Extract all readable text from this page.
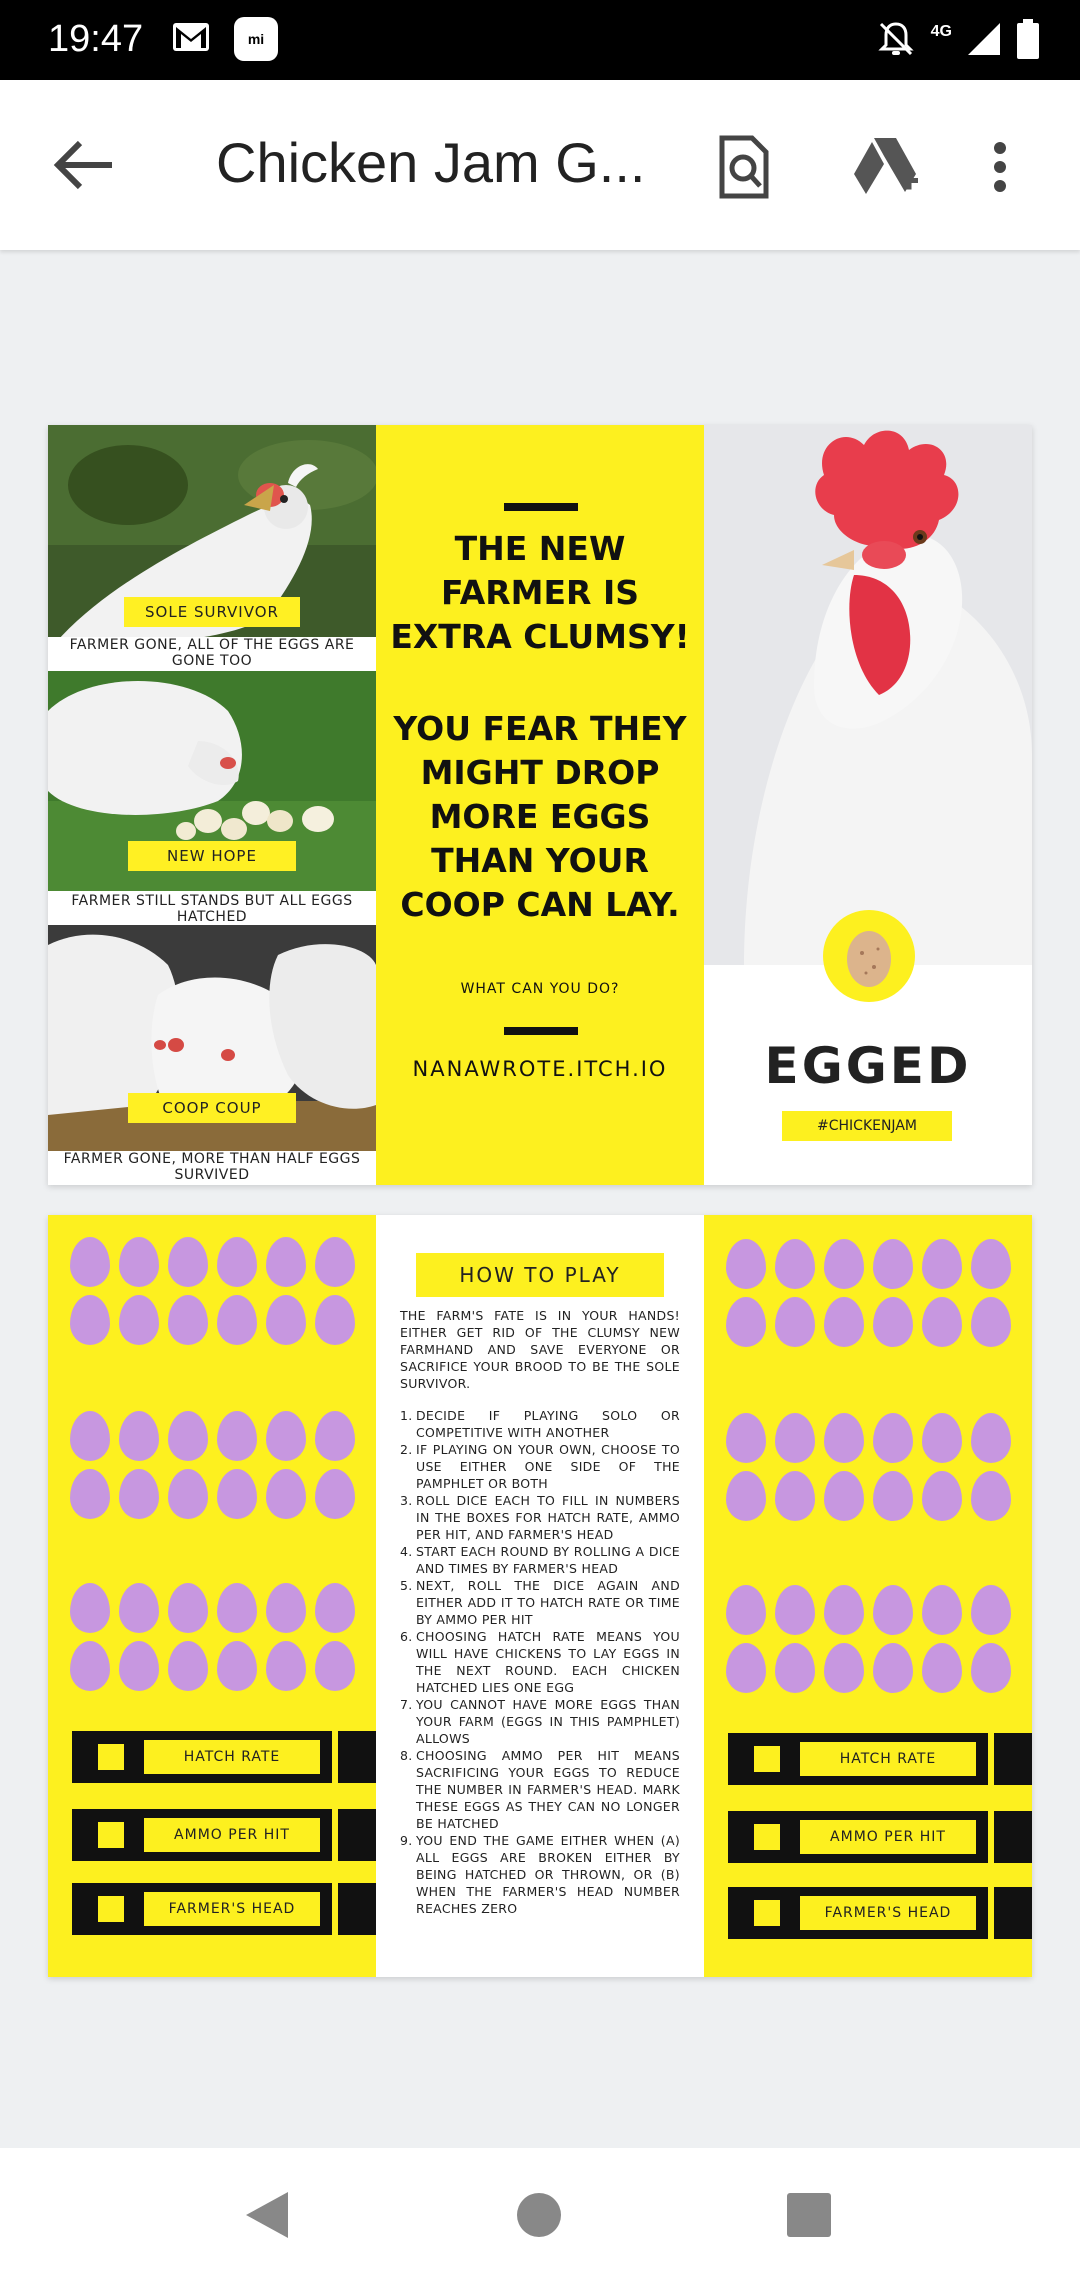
19:47	mi	4G
Chicken Jam G...
SOLE SURVIVOR
FARMER GONE, ALL OF THE EGGS ARE GONE TOO
NEW HOPE
FARMER STILL STANDS BUT ALL EGGS HATCHED
COOP COUP
FARMER GONE, MORE THAN HALF EGGS SURVIVED
THE NEW FARMER IS EXTRA CLUMSY!
YOU FEAR THEY MIGHT DROP MORE EGGS THAN YOUR COOP CAN LAY.
WHAT CAN YOU DO?
NANAWROTE.ITCH.IO	EGGED
#CHICKENJAM
HATCH RATE
AMMO PER HIT
FARMER'S HEAD
HOW TO PLAY
THE FARM'S FATE IS IN YOUR HANDS! EITHER GET RID OF THE CLUMSY NEW FARMHAND AND SAVE EVERYONE OR SACRIFICE YOUR BROOD TO BE THE SOLE SURVIVOR.
1. DECIDE IF PLAYING SOLO OR COMPETITIVE WITH ANOTHER
2. IF PLAYING ON YOUR OWN, CHOOSE TO USE EITHER ONE SIDE OF THE PAMPHLET OR BOTH
3. ROLL DICE EACH TO FILL IN NUMBERS IN THE BOXES FOR HATCH RATE, AMMO PER HIT, AND FARMER'S HEAD
4. START EACH ROUND BY ROLLING A DICE AND TIMES BY FARMER'S HEAD
5. NEXT, ROLL THE DICE AGAIN AND EITHER ADD IT TO HATCH RATE OR TIME BY AMMO PER HIT
6. CHOOSING HATCH RATE MEANS YOU WILL HAVE CHICKENS TO LAY EGGS IN THE NEXT ROUND. EACH CHICKEN HATCHED LIES ONE EGG
7. YOU CANNOT HAVE MORE EGGS THAN YOUR FARM (EGGS IN THIS PAMPHLET) ALLOWS
8. CHOOSING AMMO PER HIT MEANS SACRIFICING YOUR EGGS TO REDUCE THE NUMBER IN FARMER'S HEAD. MARK THESE EGGS AS THEY CAN NO LONGER BE HATCHED
9. YOU END THE GAME EITHER WHEN (A) ALL EGGS ARE BROKEN EITHER BY BEING HATCHED OR THROWN, OR (B) WHEN THE FARMER'S HEAD NUMBER REACHES ZERO
HATCH RATE
AMMO PER HIT
FARMER'S HEAD
